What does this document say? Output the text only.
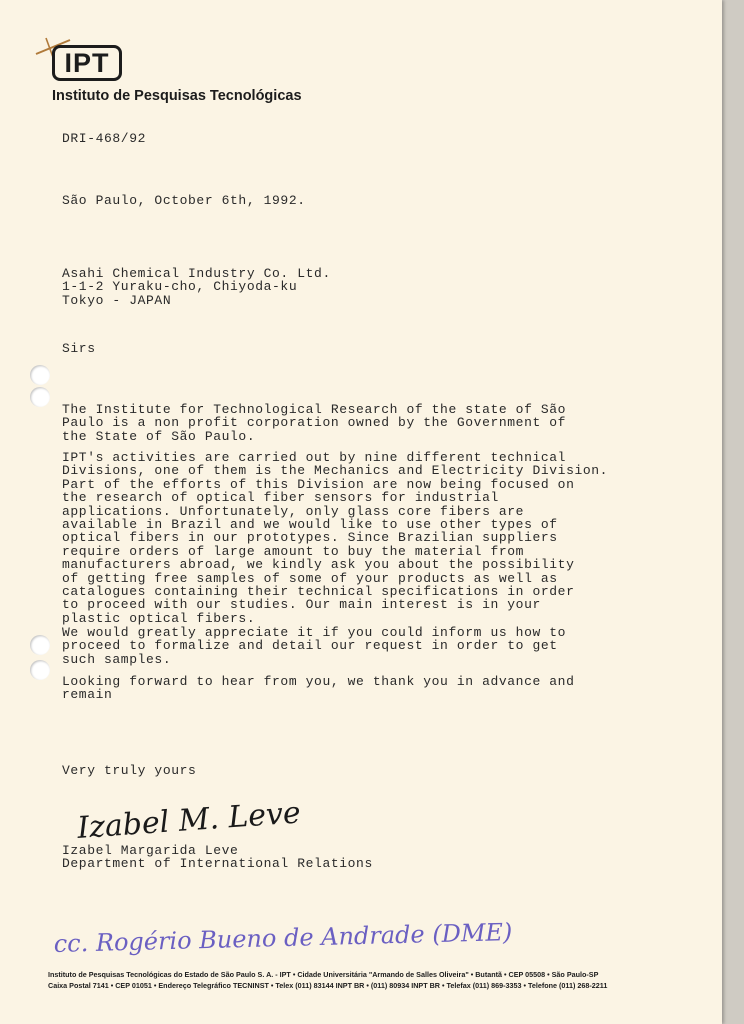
IPT
Instituto de Pesquisas Tecnológicas
DRI-468/92
São Paulo, October 6th, 1992.
Asahi Chemical Industry Co. Ltd.
1-1-2 Yuraku-cho, Chiyoda-ku
Tokyo - JAPAN
Sirs
The Institute for Technological Research of the state of São
Paulo is a non profit corporation owned by the Government of
the State of São Paulo.
IPT's activities are carried out by nine different technical
Divisions, one of them is the Mechanics and Electricity Division.
Part of the efforts of this Division are now being focused on
the research of optical fiber sensors for industrial
applications. Unfortunately, only glass core fibers are
available in Brazil and we would like to use other types of
optical fibers in our prototypes. Since Brazilian suppliers
require orders of large amount to buy the material from
manufacturers abroad, we kindly ask you about the possibility
of getting free samples of some of your products as well as
catalogues containing their technical specifications in order
to proceed with our studies. Our main interest is in your
plastic optical fibers.
We would greatly appreciate it if you could inform us how to
proceed to formalize and detail our request in order to get
such samples.
Looking forward to hear from you, we thank you in advance and
remain
Very truly yours
Izabel M. Leve
Izabel Margarida Leve
Department of International Relations
cc. Rogério Bueno de Andrade (DME)
Instituto de Pesquisas Tecnológicas do Estado de São Paulo S. A. - IPT • Cidade Universitária "Armando de Salles Oliveira" • Butantã • CEP 05508 • São Paulo-SP
Caixa Postal 7141 • CEP 01051 • Endereço Telegráfico TECNINST • Telex (011) 83144 INPT BR • (011) 80934 INPT BR • Telefax (011) 869-3353 • Telefone (011) 268-2211
